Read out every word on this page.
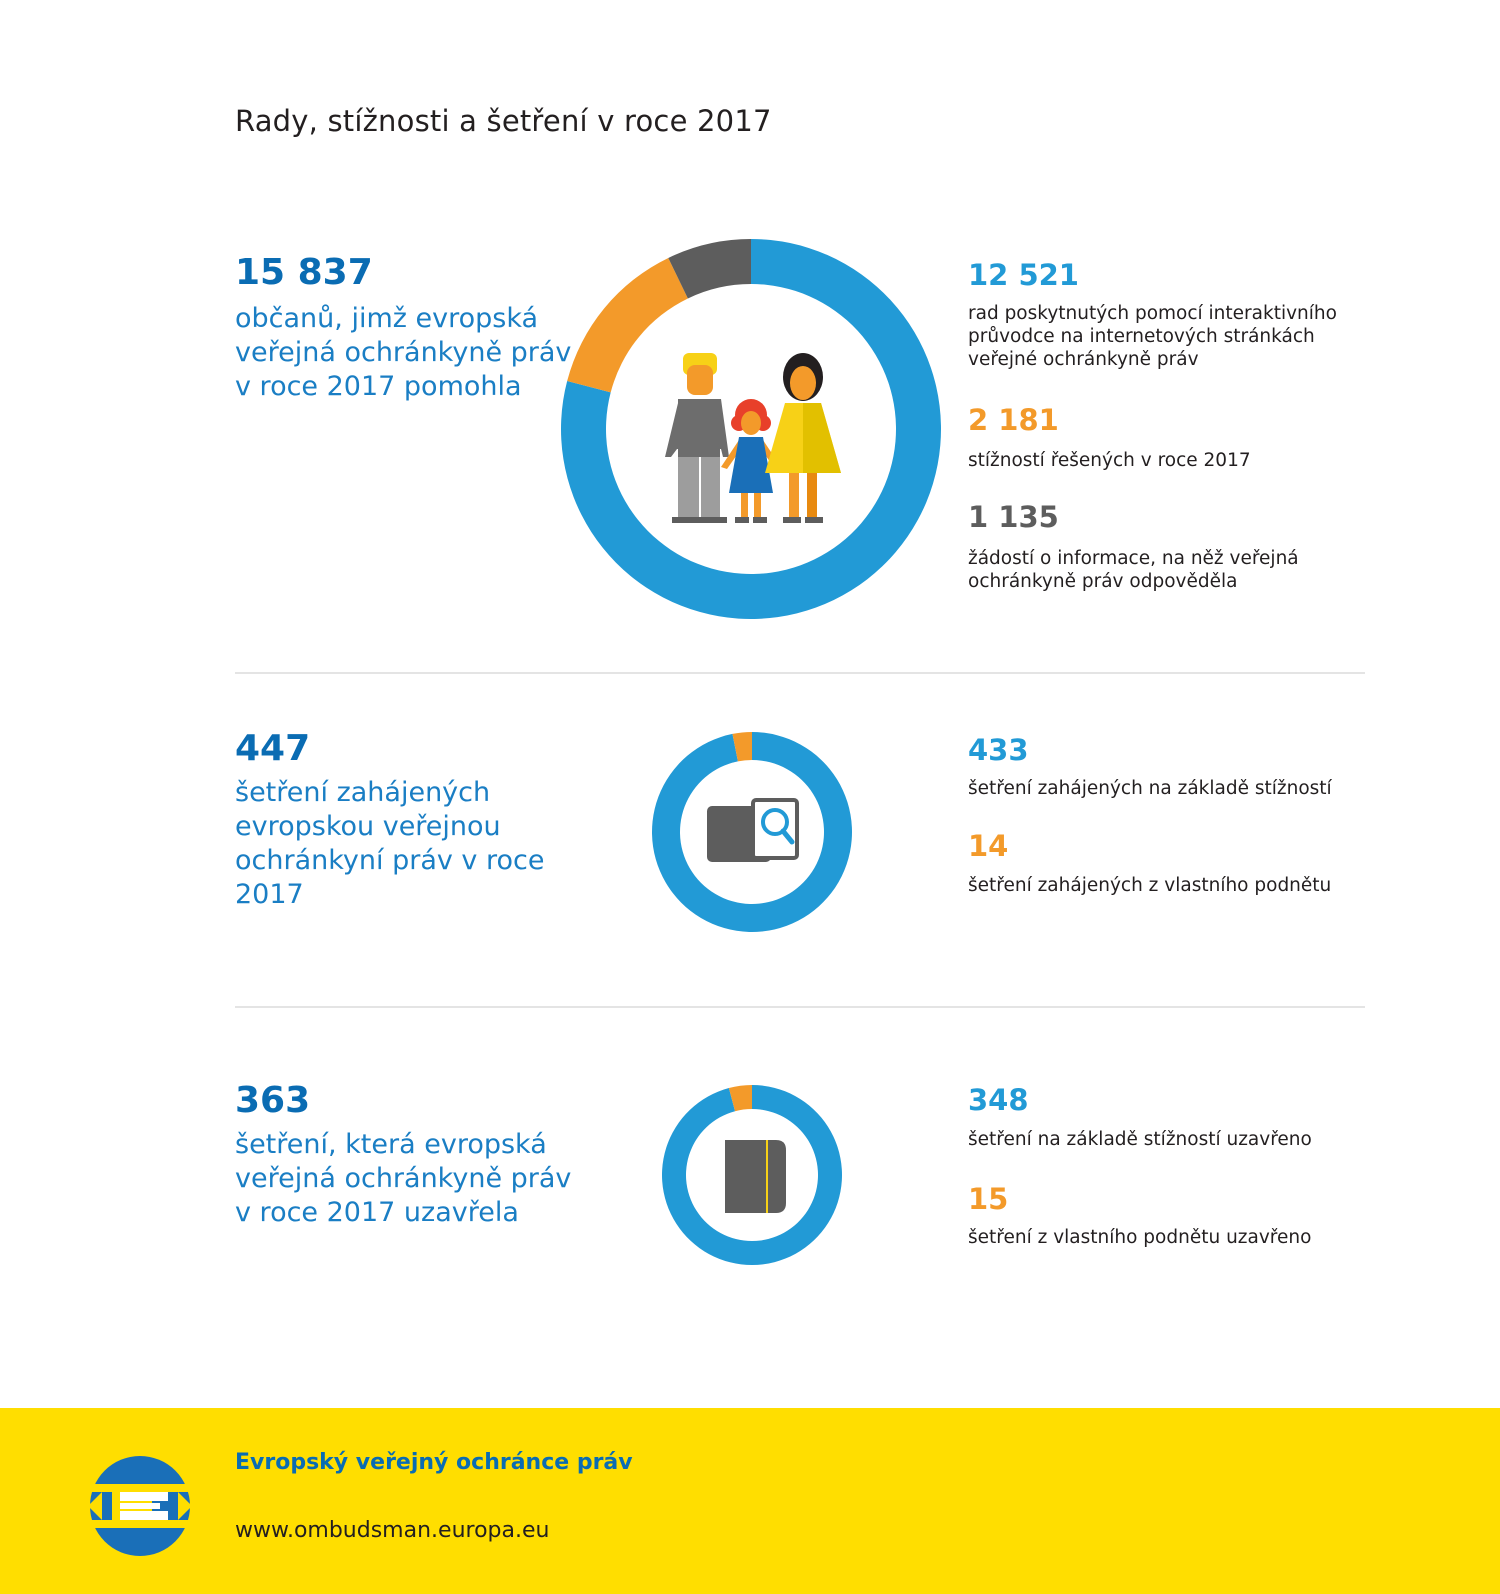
Rady, stížnosti a šetření v roce 2017
15 837
občanů, jimž evropská veřejná ochránkyně práv v roce 2017 pomohla
12 521
rad poskytnutých pomocí interaktivního průvodce na internetových stránkách veřejné ochránkyně práv
2 181
stížností řešených v roce 2017
1 135
žádostí o informace, na něž veřejná ochránkyně práv odpověděla
447
šetření zahájených evropskou veřejnou ochránkyní práv v roce 2017
433
šetření zahájených na základě stížností
14
šetření zahájených z vlastního podnětu
363
šetření, která evropská veřejná ochránkyně práv v roce 2017 uzavřela
348
šetření na základě stížností uzavřeno
15
šetření z vlastního podnětu uzavřeno
Evropský veřejný ochránce práv
www.ombudsman.europa.eu
